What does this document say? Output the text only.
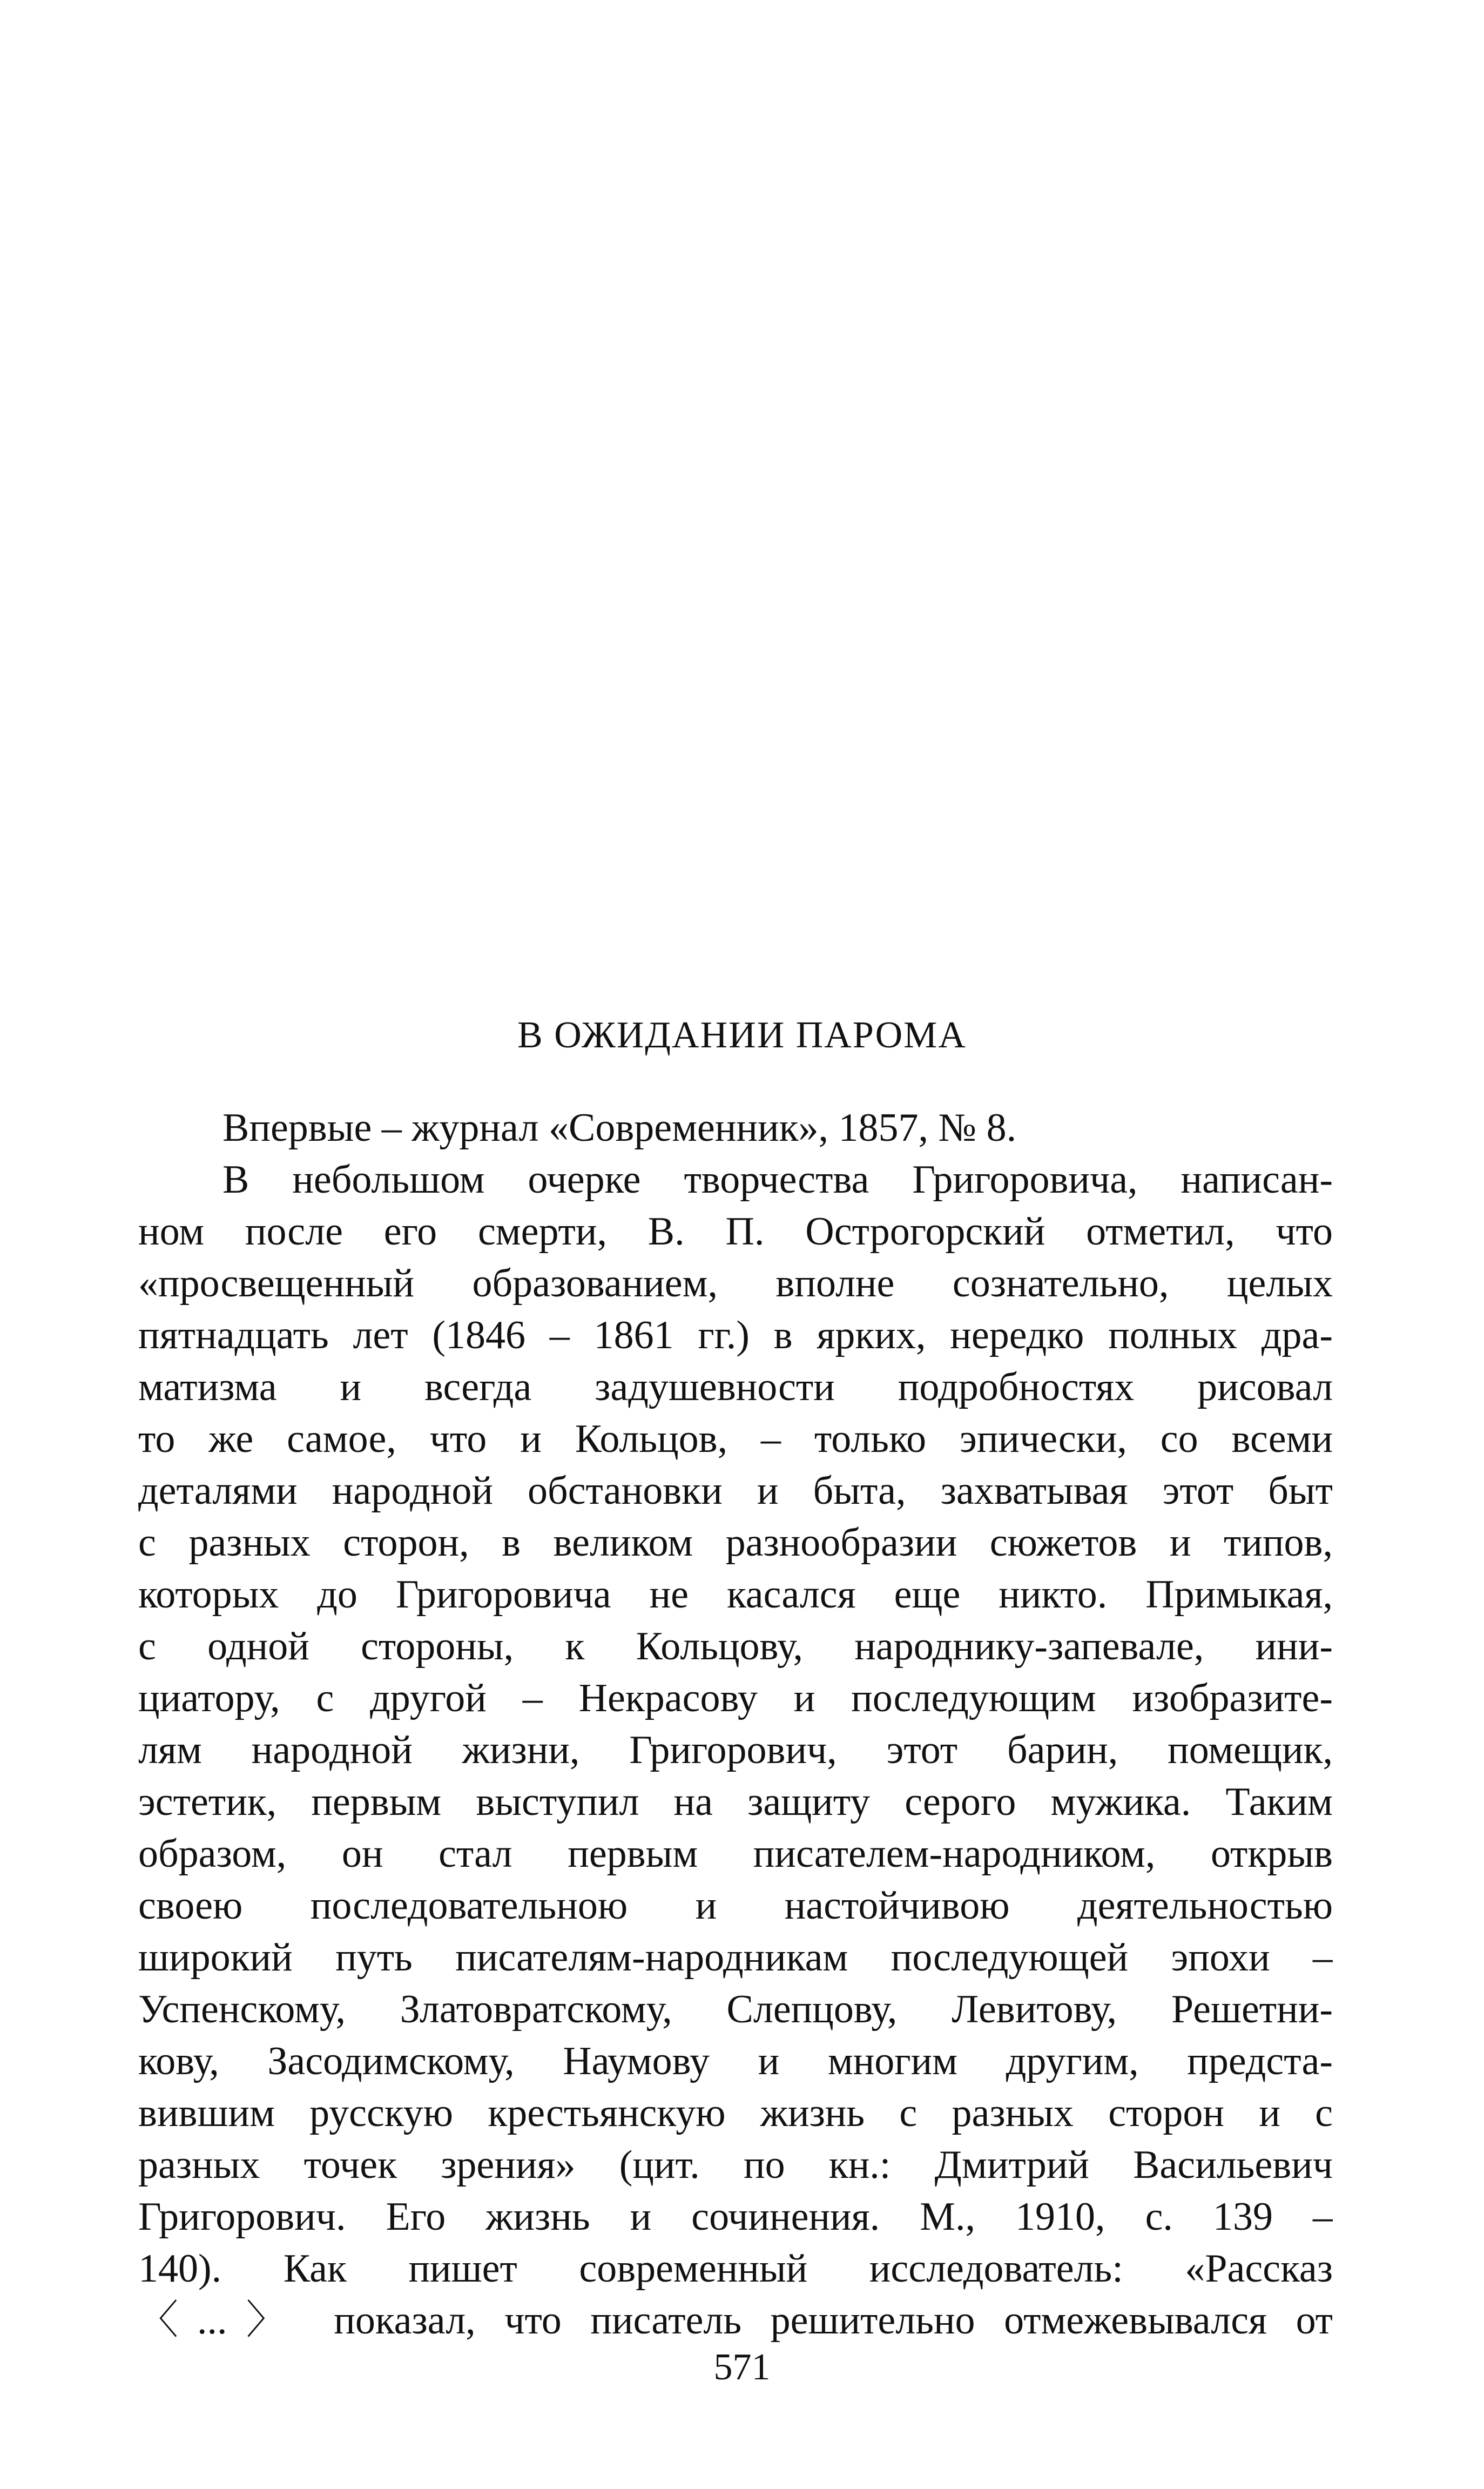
В ОЖИДАНИИ ПАРОМА
Впервые – журнал «Современник», 1857, № 8.
В небольшом очерке творчества Григоровича, написан-
ном после его смерти, В. П. Острогорский отметил, что
«просвещенный образованием, вполне сознательно, целых
пятнадцать лет (1846 – 1861 гг.) в ярких, нередко полных дра-
матизма и всегда задушевности подробностях рисовал
то же самое, что и Кольцов, – только эпически, со всеми
деталями народной обстановки и быта, захватывая этот быт
с разных сторон, в великом разнообразии сюжетов и типов,
которых до Григоровича не касался еще никто. Примыкая,
с одной стороны, к Кольцову, народнику-запевале, ини-
циатору, с другой – Некрасову и последующим изобразите-
лям народной жизни, Григорович, этот барин, помещик,
эстетик, первым выступил на защиту серого мужика. Таким
образом, он стал первым писателем-народником, открыв
своею последовательною и настойчивою деятельностью
широкий путь писателям-народникам последующей эпохи –
Успенскому, Златовратскому, Слепцову, Левитову, Решетни-
кову, Засодимскому, Наумову и многим другим, предста-
вившим русскую крестьянскую жизнь с разных сторон и с
разных точек зрения» (цит. по кн.: Дмитрий Васильевич
Григорович. Его жизнь и сочинения. М., 1910, с. 139 –
140). Как пишет современный исследователь: «Рассказ
〈...〉 показал, что писатель решительно отмежевывался от
571
